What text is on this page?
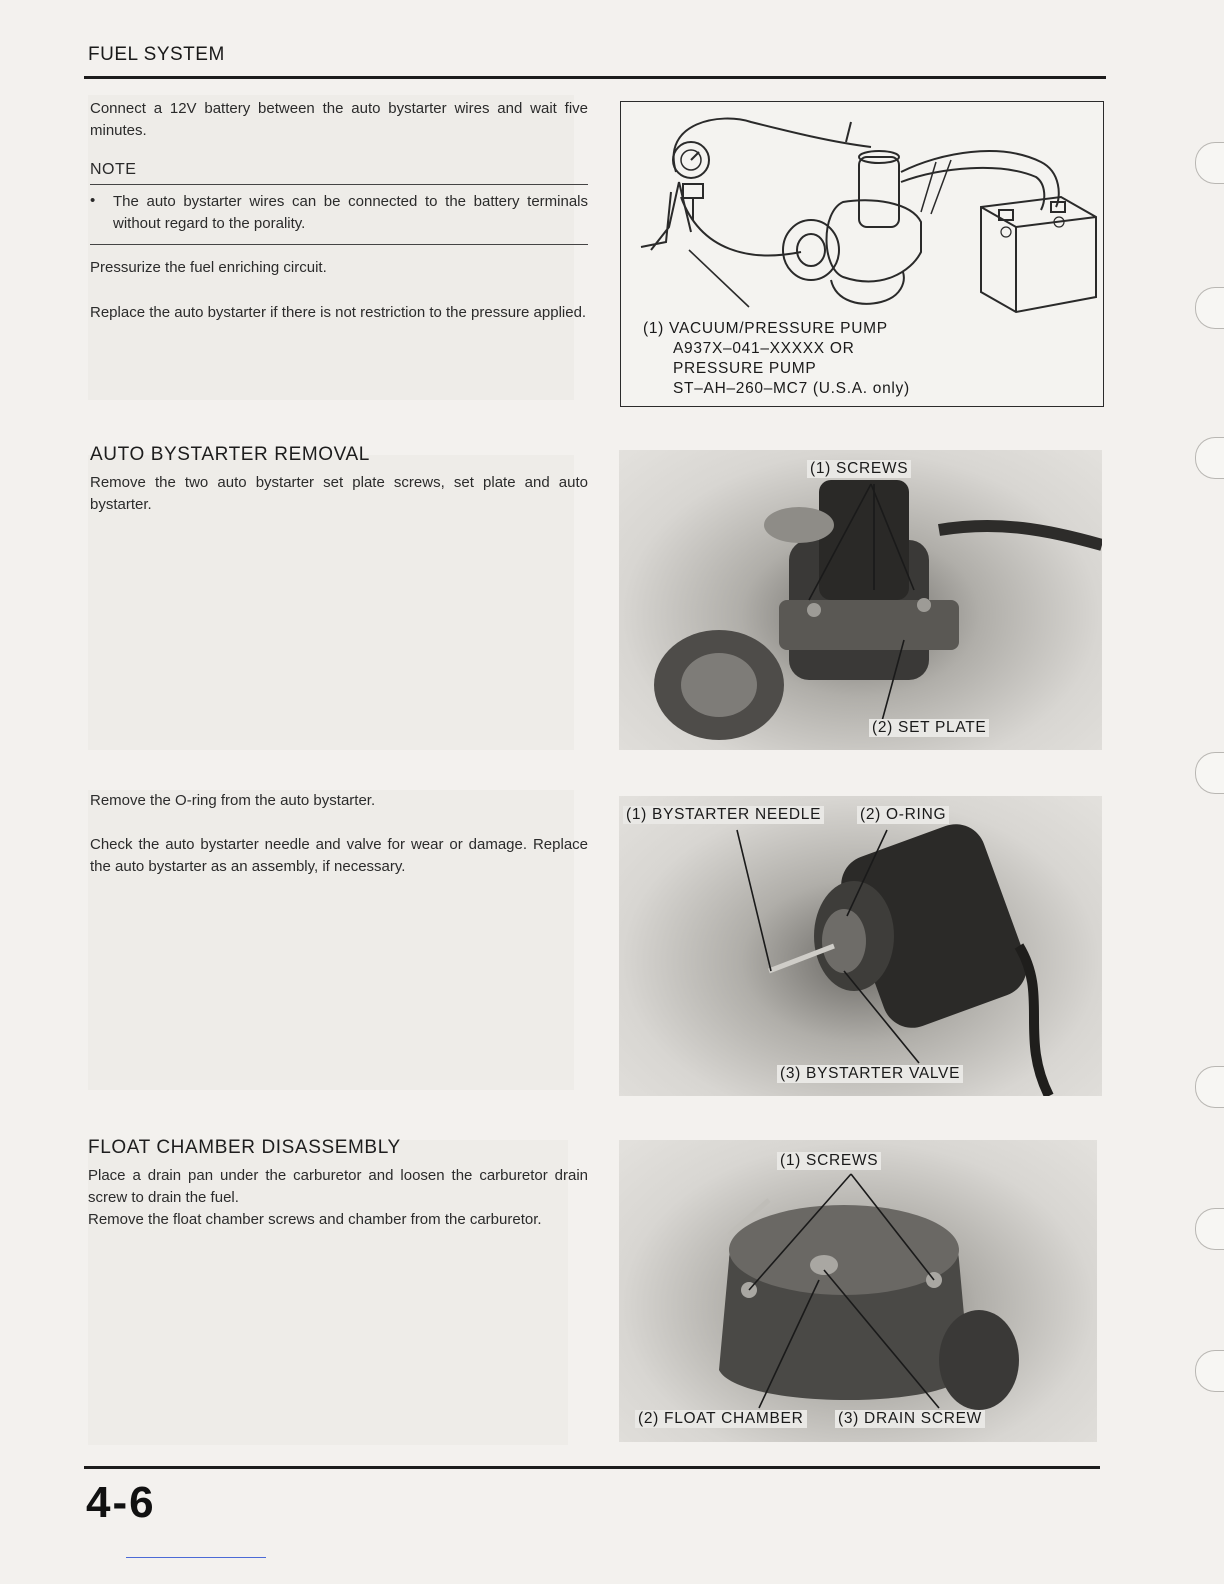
FUEL SYSTEM
Connect a 12V battery between the auto bystarter wires and wait five minutes.
NOTE
• The auto bystarter wires can be connected to the battery terminals without regard to the porality.
Pressurize the fuel enriching circuit.
Replace the auto bystarter if there is not restriction to the pressure applied.
(1) VACUUM/PRESSURE PUMP
A937X–041–XXXXX OR
PRESSURE PUMP
ST–AH–260–MC7 (U.S.A. only)
AUTO BYSTARTER REMOVAL
Remove the two auto bystarter set plate screws, set plate and auto bystarter.
(1) SCREWS
(2) SET PLATE
Remove the O-ring from the auto bystarter.
Check the auto bystarter needle and valve for wear or damage. Replace the auto bystarter as an assembly, if necessary.
(1) BYSTARTER NEEDLE	(2) O-RING
(3) BYSTARTER VALVE
FLOAT CHAMBER DISASSEMBLY
Place a drain pan under the carburetor and loosen the carburetor drain screw to drain the fuel.
Remove the float chamber screws and chamber from the carburetor.
(1) SCREWS
(2) FLOAT CHAMBER (3) DRAIN SCREW
4-6
